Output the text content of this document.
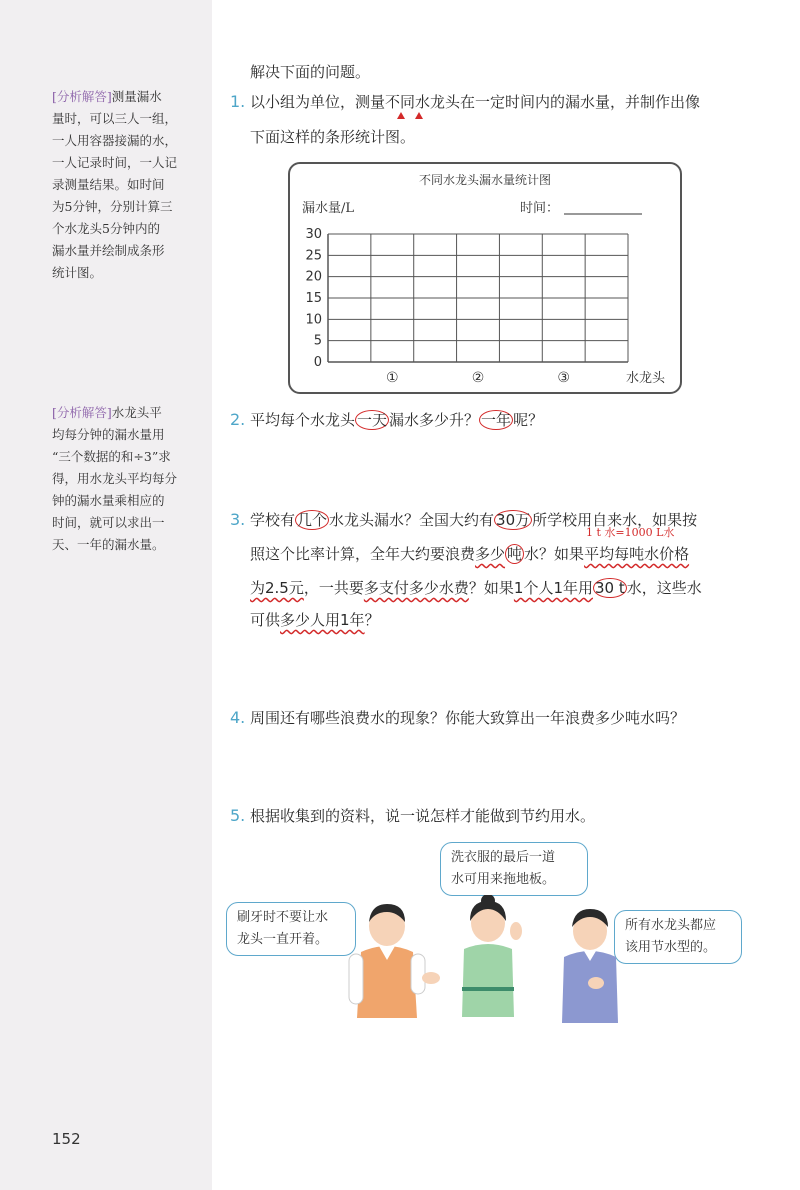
[分析解答]测量漏水
量时，可以三人一组，
一人用容器接漏的水，
一人记录时间，一人记
录测量结果。如时间
为5分钟，分别计算三
个水龙头5分钟内的
漏水量并绘制成条形
统计图。
[分析解答]水龙头平
均每分钟的漏水量用
“三个数据的和÷3”求
得，用水龙头平均每分
钟的漏水量乘相应的
时间，就可以求出一
天、一年的漏水量。
解决下面的问题。
1. 以小组为单位，测量不同水龙头在一定时间内的漏水量，并制作出像
下面这样的条形统计图。
不同水龙头漏水量统计图
漏水量/L	时间：
0
5
10
15
20
25
30
①	②	③	水龙头
2. 平均每个水龙头 一天 漏水多少升？ 一年 呢？
3. 学校有 几个 水龙头漏水？全国大约有 30万 所学校用自来水，如果按
1 t 水=1000 L水
照这个比率计算，全年大约要浪费多少 吨 水？如果平均每吨水价格
为2.5元，一共要多支付多少水费？如果1个人1年用 30 t 水，这些水
可供多少人用1年？
4. 周围还有哪些浪费水的现象？你能大致算出一年浪费多少吨水吗？
5. 根据收集到的资料，说一说怎样才能做到节约用水。
刷牙时不要让水
龙头一直开着。
洗衣服的最后一道
水可用来拖地板。
所有水龙头都应
该用节水型的。
152
